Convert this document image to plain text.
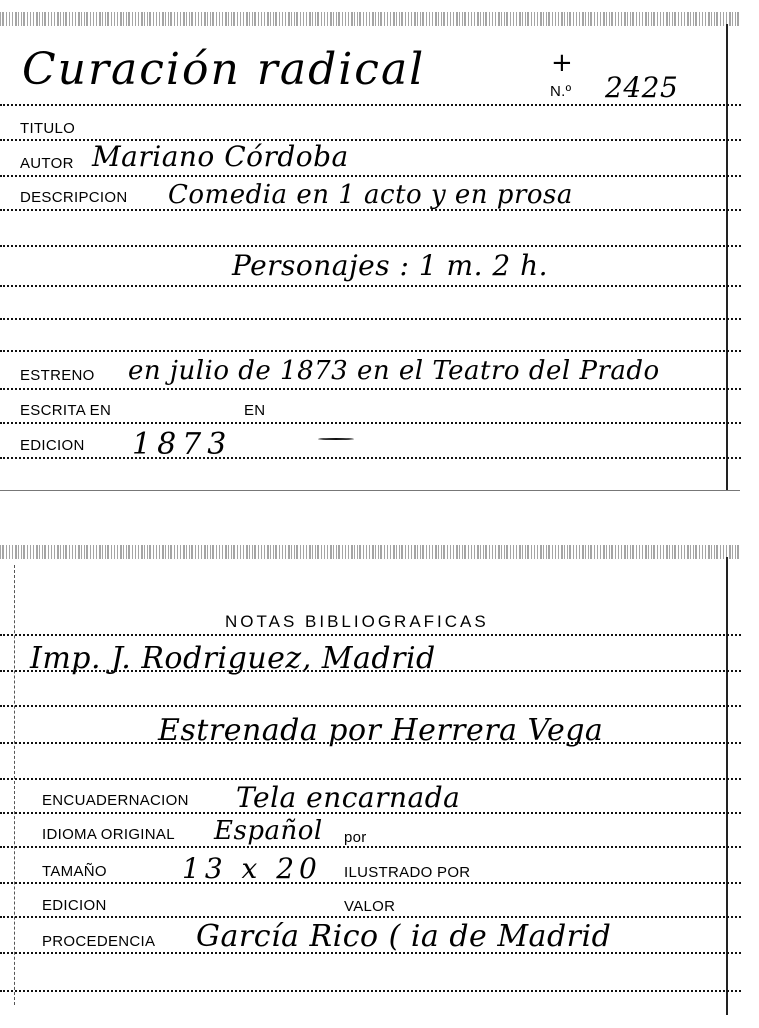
Curación radical	+
N.º 2425
TITULO
AUTOR Mariano Córdoba
DESCRIPCION Comedia en 1 acto y en prosa
Personajes : 1 m. 2 h.
ESTRENO en julio de 1873 en el Teatro del Prado
ESCRITA EN	EN
EDICION 1873
NOTAS BIBLIOGRAFICAS
Imp. J. Rodriguez, Madrid
Estrenada por Herrera Vega
ENCUADERNACION Tela encarnada
IDIOMA ORIGINAL Español por
TAMAÑO	13 x 20 ILUSTRADO POR
EDICION	VALOR
PROCEDENCIA García Rico ( ia de Madrid
